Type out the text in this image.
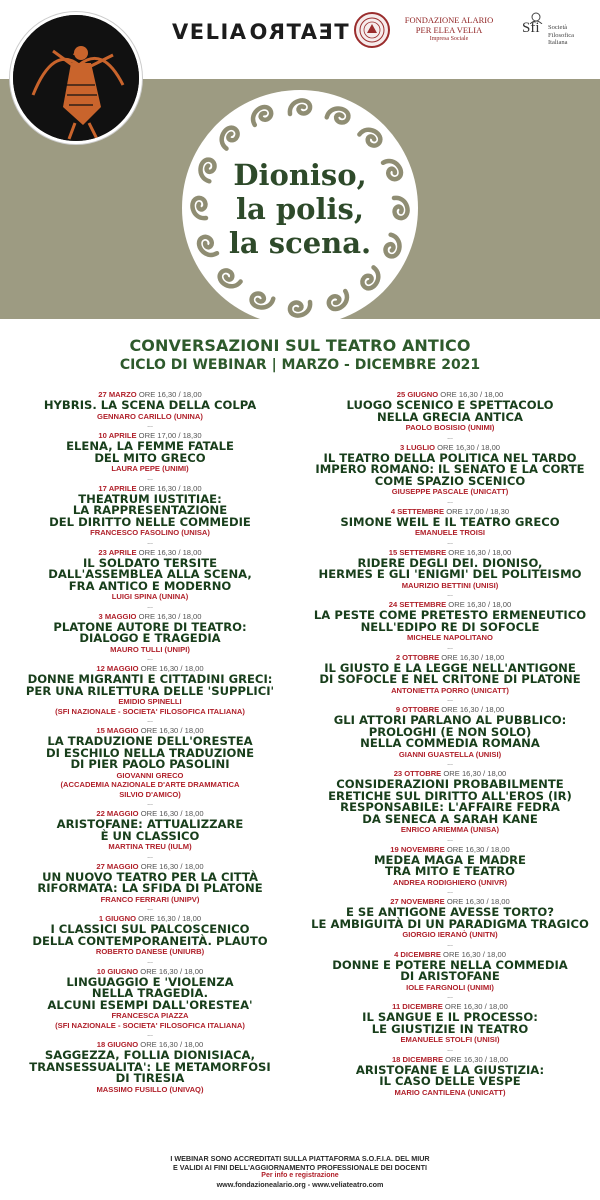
VELIATEATRO	FONDAZIONE ALARIO
PER ELEA VELIA
Impresa Sociale
Sfi Società
Filosofica
Italiana
Dioniso,
la polis,
la scena.
CONVERSAZIONI SUL TEATRO ANTICO
CICLO DI WEBINAR | MARZO - DICEMBRE 2021
27 MARZO ORE 16,30 / 18,00
HYBRIS. LA SCENA DELLA COLPA
GENNARO CARILLO (UNINA)
...
10 APRILE ORE 17,00 / 18,30
ELENA, LA FEMME FATALE
DEL MITO GRECO
LAURA PEPE (UNIMI)
...
17 APRILE ORE 16,30 / 18,00
THEATRUM IUSTITIAE:
LA RAPPRESENTAZIONE
DEL DIRITTO NELLE COMMEDIE
FRANCESCO FASOLINO (UNISA)
...
23 APRILE ORE 16,30 / 18,00
IL SOLDATO TERSITE
DALL'ASSEMBLEA ALLA SCENA,
FRA ANTICO E MODERNO
LUIGI SPINA (UNINA)
...
3 MAGGIO ORE 16,30 / 18,00
PLATONE AUTORE DI TEATRO:
DIALOGO E TRAGEDIA
MAURO TULLI (UNIPI)
...
12 MAGGIO ORE 16,30 / 18,00
DONNE MIGRANTI E CITTADINI GRECI:
PER UNA RILETTURA DELLE 'SUPPLICI'
EMIDIO SPINELLI
(SFI NAZIONALE - SOCIETA' FILOSOFICA ITALIANA)
...
15 MAGGIO ORE 16,30 / 18,00
LA TRADUZIONE DELL'ORESTEA
DI ESCHILO NELLA TRADUZIONE
DI PIER PAOLO PASOLINI
GIOVANNI GRECO
(ACCADEMIA NAZIONALE D'ARTE DRAMMATICA
SILVIO D'AMICO)
...
22 MAGGIO ORE 16,30 / 18,00
ARISTOFANE: ATTUALIZZARE
È UN CLASSICO
MARTINA TREU (IULM)
...
27 MAGGIO ORE 16,30 / 18,00
UN NUOVO TEATRO PER LA CITTÀ
RIFORMATA: LA SFIDA DI PLATONE
FRANCO FERRARI (UNIPV)
...
1 GIUGNO ORE 16,30 / 18,00
I CLASSICI SUL PALCOSCENICO
DELLA CONTEMPORANEITÀ. PLAUTO
ROBERTO DANESE (UNIURB)
...
10 GIUGNO ORE 16,30 / 18,00
LINGUAGGIO E 'VIOLENZA
NELLA TRAGEDIA.
ALCUNI ESEMPI DALL'ORESTEA'
FRANCESCA PIAZZA
(SFI NAZIONALE - SOCIETA' FILOSOFICA ITALIANA)
...
18 GIUGNO ORE 16,30 / 18,00
SAGGEZZA, FOLLIA DIONISIACA,
TRANSESSUALITA': LE METAMORFOSI
DI TIRESIA
MASSIMO FUSILLO (UNIVAQ)
25 GIUGNO ORE 16,30 / 18,00
LUOGO SCENICO E SPETTACOLO
NELLA GRECIA ANTICA
PAOLO BOSISIO (UNIMI)
...
3 LUGLIO ORE 16,30 / 18,00
IL TEATRO DELLA POLITICA NEL TARDO
IMPERO ROMANO: IL SENATO E LA CORTE
COME SPAZIO SCENICO
GIUSEPPE PASCALE (UNICATT)
...
4 SETTEMBRE ORE 17,00 / 18,30
SIMONE WEIL E IL TEATRO GRECO
EMANUELE TROISI
...
15 SETTEMBRE ORE 16,30 / 18,00
RIDERE DEGLI DEI. DIONISO,
HERMES E GLI 'ENIGMI' DEL POLITEISMO
MAURIZIO BETTINI (UNISI)
...
24 SETTEMBRE ORE 16,30 / 18,00
LA PESTE COME PRETESTO ERMENEUTICO
NELL'EDIPO RE DI SOFOCLE
MICHELE NAPOLITANO
...
2 OTTOBRE ORE 16,30 / 18,00
IL GIUSTO E LA LEGGE NELL'ANTIGONE
DI SOFOCLE E NEL CRITONE DI PLATONE
ANTONIETTA PORRO (UNICATT)
...
9 OTTOBRE ORE 16,30 / 18,00
GLI ATTORI PARLANO AL PUBBLICO:
PROLOGHI (E NON SOLO)
NELLA COMMEDIA ROMANA
GIANNI GUASTELLA (UNISI)
...
23 OTTOBRE ORE 16,30 / 18,00
CONSIDERAZIONI PROBABILMENTE
ERETICHE SUL DIRITTO ALL'EROS (IR)
RESPONSABILE: L'AFFAIRE FEDRA
DA SENECA A SARAH KANE
ENRICO ARIEMMA (UNISA)
...
19 NOVEMBRE ORE 16,30 / 18,00
MEDEA MAGA E MADRE
TRA MITO E TEATRO
ANDREA RODIGHIERO (UNIVR)
...
27 NOVEMBRE ORE 16,30 / 18,00
E SE ANTIGONE AVESSE TORTO?
LE AMBIGUITÀ DI UN PARADIGMA TRAGICO
GIORGIO IERANÒ (UNITN)
...
4 DICEMBRE ORE 16,30 / 18,00
DONNE E POTERE NELLA COMMEDIA
DI ARISTOFANE
IOLE FARGNOLI (UNIMI)
...
11 DICEMBRE ORE 16,30 / 18,00
IL SANGUE E IL PROCESSO:
LE GIUSTIZIE IN TEATRO
EMANUELE STOLFI (UNISI)
...
18 DICEMBRE ORE 16,30 / 18,00
ARISTOFANE E LA GIUSTIZIA:
IL CASO DELLE VESPE
MARIO CANTILENA (UNICATT)
I WEBINAR SONO ACCREDITATI SULLA PIATTAFORMA S.O.F.I.A. DEL MIUR
E VALIDI AI FINI DELL'AGGIORNAMENTO PROFESSIONALE DEI DOCENTI
Per info e registrazione
www.fondazionealario.org - www.veliateatro.com
